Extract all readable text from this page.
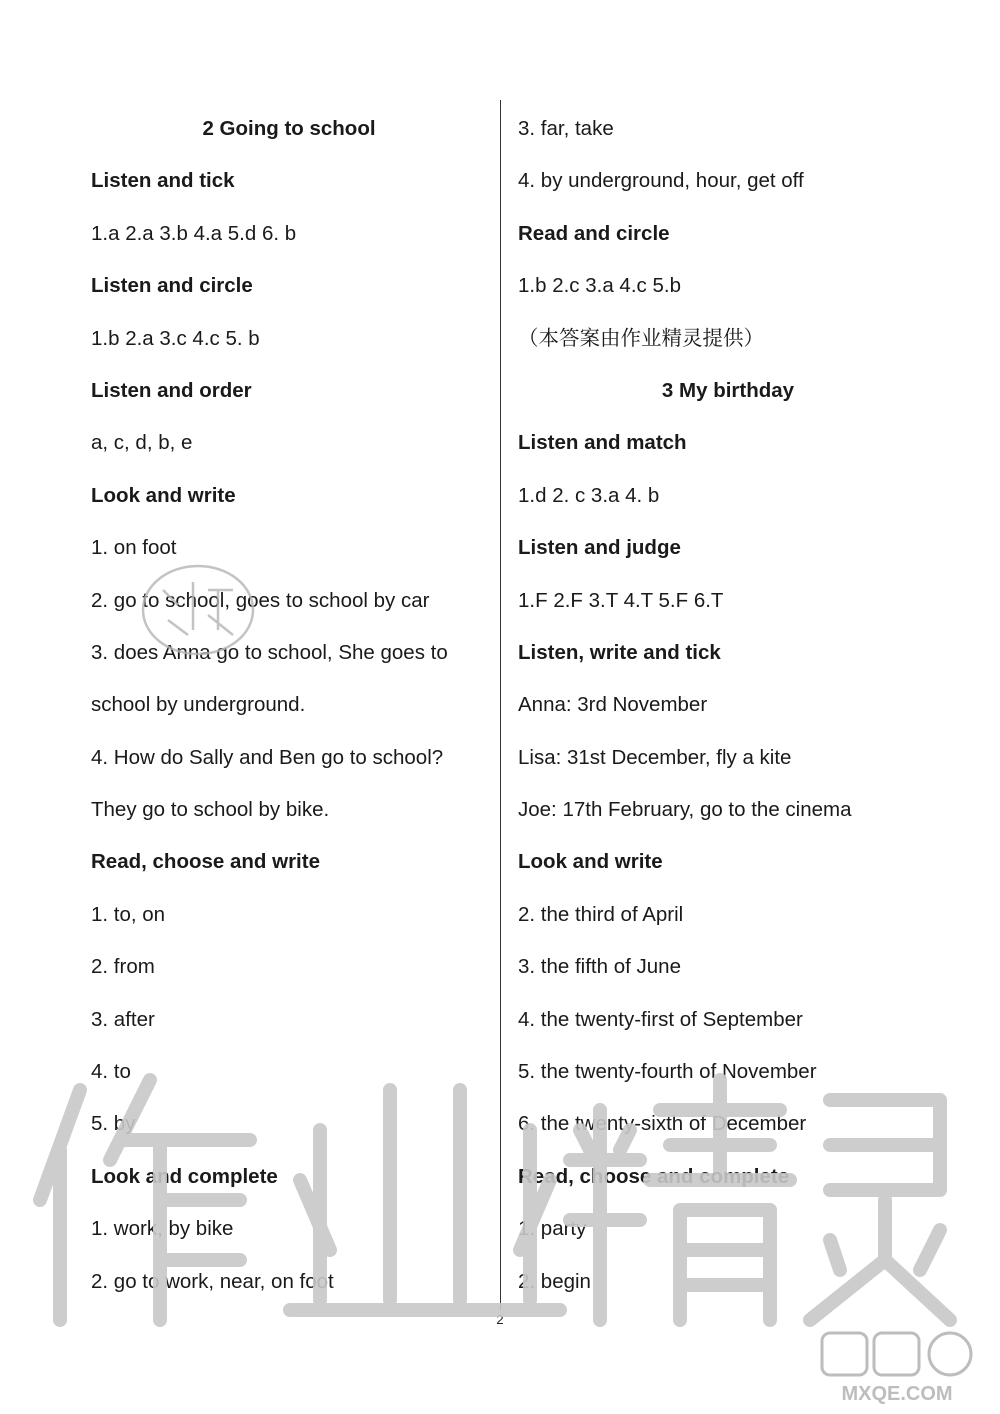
2 Going to school
Listen and tick
1.a 2.a 3.b 4.a 5.d 6. b
Listen and circle
1.b 2.a 3.c 4.c 5. b
Listen and order
a, c, d, b, e
Look and write
1. on foot
2. go to school, goes to school by car
3. does Anna go to school, She goes to
school by underground.
4. How do Sally and Ben go to school?
They go to school by bike.
Read, choose and write
1. to, on
2. from
3. after
4. to
5. by
Look and complete
1. work, by bike
2. go to work, near, on foot
3. far, take
4. by underground, hour, get off
Read and circle
1.b 2.c 3.a 4.c 5.b
（本答案由作业精灵提供）
3 My birthday
Listen and match
1.d 2. c 3.a 4. b
Listen and judge
1.F 2.F 3.T 4.T 5.F 6.T
Listen, write and tick
Anna: 3rd November
Lisa: 31st December, fly a kite
Joe: 17th February, go to the cinema
Look and write
2. the third of April
3. the fifth of June
4. the twenty-first of September
5. the twenty-fourth of November
6. the twenty-sixth of December
Read, choose and complete
1. party
2. begin
2
MXQE.COM
